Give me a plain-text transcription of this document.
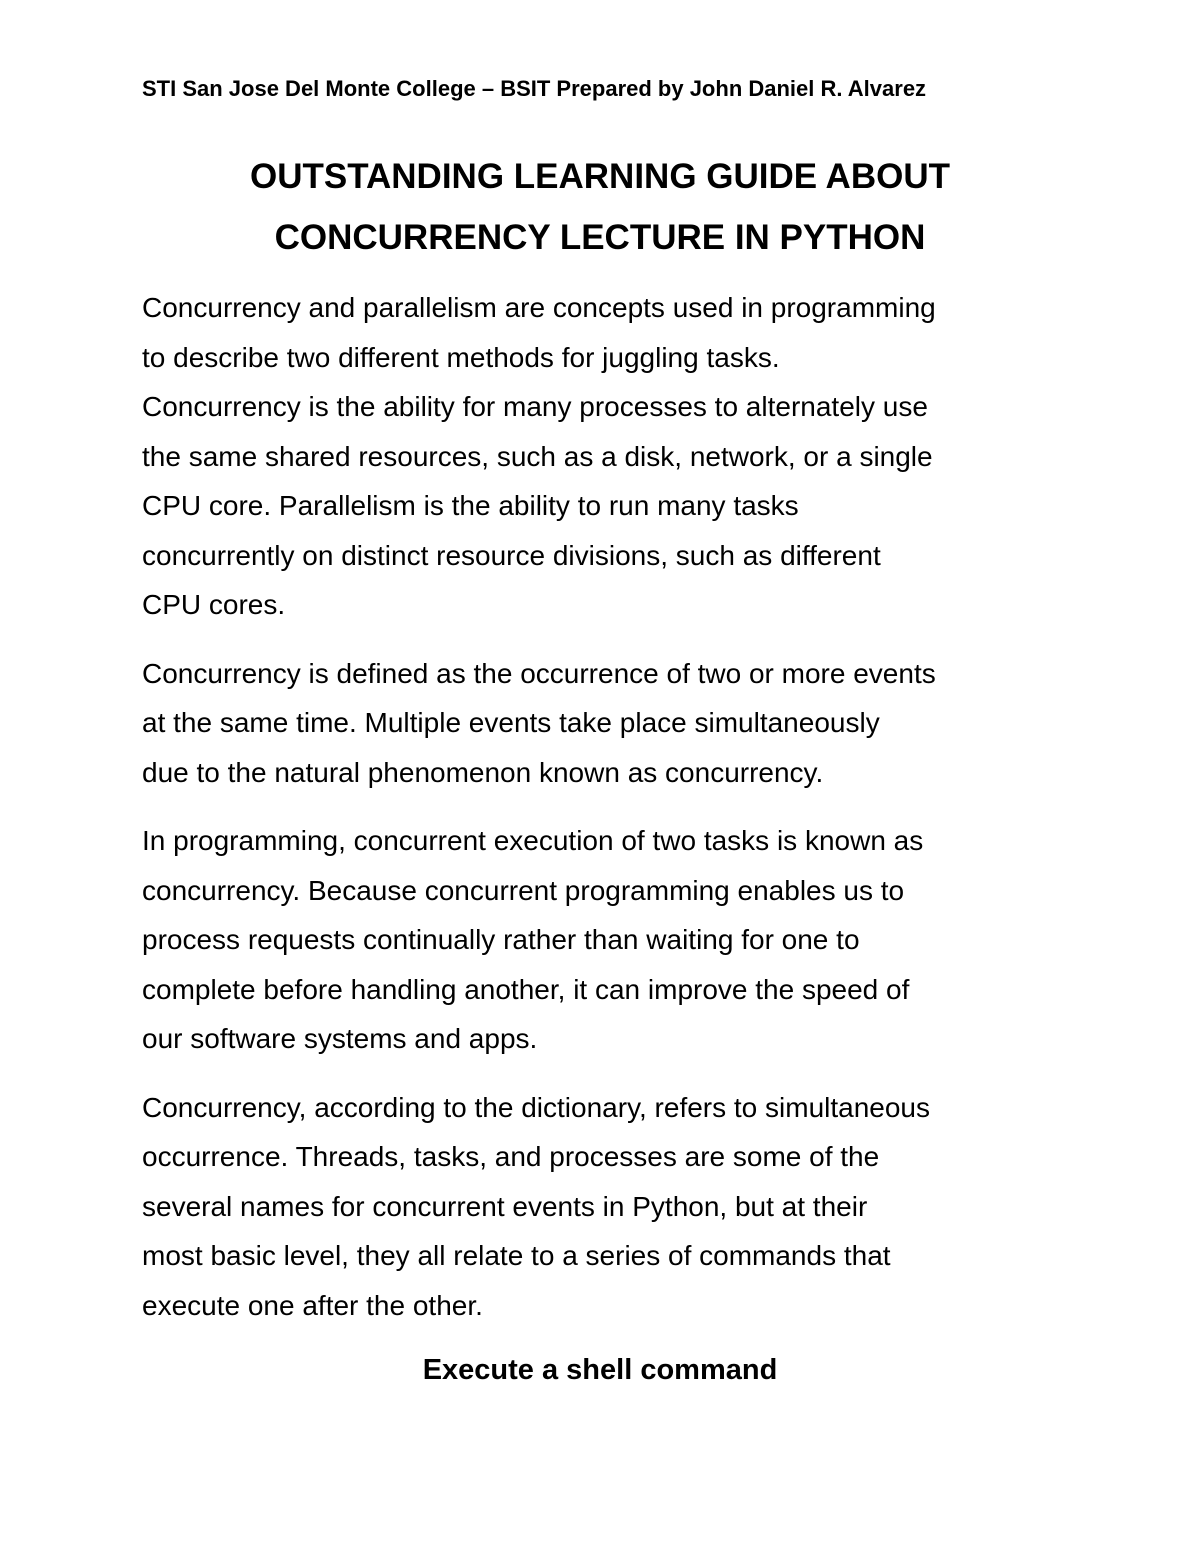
STI San Jose Del Monte College – BSIT Prepared by John Daniel R. Alvarez
OUTSTANDING LEARNING GUIDE ABOUT
CONCURRENCY LECTURE IN PYTHON

Concurrency and parallelism are concepts used in programming
to describe two different methods for juggling tasks.
Concurrency is the ability for many processes to alternately use
the same shared resources, such as a disk, network, or a single
CPU core. Parallelism is the ability to run many tasks
concurrently on distinct resource divisions, such as different
CPU cores.

Concurrency is defined as the occurrence of two or more events
at the same time. Multiple events take place simultaneously
due to the natural phenomenon known as concurrency.

In programming, concurrent execution of two tasks is known as
concurrency. Because concurrent programming enables us to
process requests continually rather than waiting for one to
complete before handling another, it can improve the speed of
our software systems and apps.

Concurrency, according to the dictionary, refers to simultaneous
occurrence. Threads, tasks, and processes are some of the
several names for concurrent events in Python, but at their
most basic level, they all relate to a series of commands that
execute one after the other.

Execute a shell command
